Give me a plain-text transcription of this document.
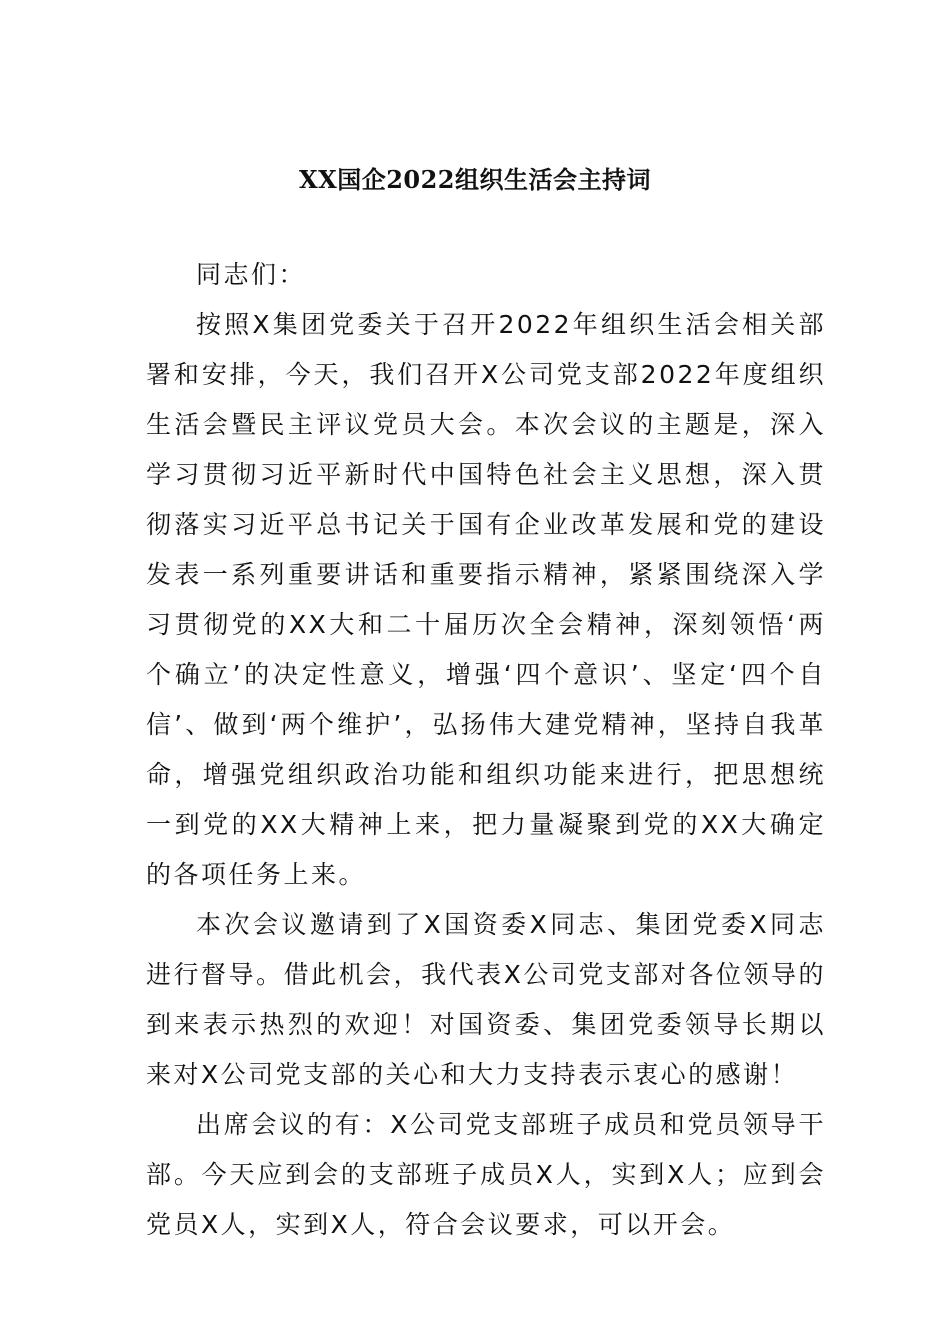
XX国企2022组织生活会主持词

同志们：

按照X集团党委关于召开2022年组织生活会相关部署和安排，今天，我们召开X公司党支部2022年度组织生活会暨民主评议党员大会。本次会议的主题是，深入学习贯彻习近平新时代中国特色社会主义思想，深入贯彻落实习近平总书记关于国有企业改革发展和党的建设发表一系列重要讲话和重要指示精神，紧紧围绕深入学习贯彻党的XX大和二十届历次全会精神，深刻领悟‘两个确立’的决定性意义，增强‘四个意识’、坚定‘四个自信’、做到‘两个维护’，弘扬伟大建党精神，坚持自我革命，增强党组织政治功能和组织功能来进行，把思想统一到党的XX大精神上来，把力量凝聚到党的XX大确定的各项任务上来。

本次会议邀请到了X国资委X同志、集团党委X同志进行督导。借此机会，我代表X公司党支部对各位领导的到来表示热烈的欢迎！对国资委、集团党委领导长期以来对X公司党支部的关心和大力支持表示衷心的感谢！

出席会议的有：X公司党支部班子成员和党员领导干部。今天应到会的支部班子成员X人，实到X人；应到会党员X人，实到X人，符合会议要求，可以开会。
